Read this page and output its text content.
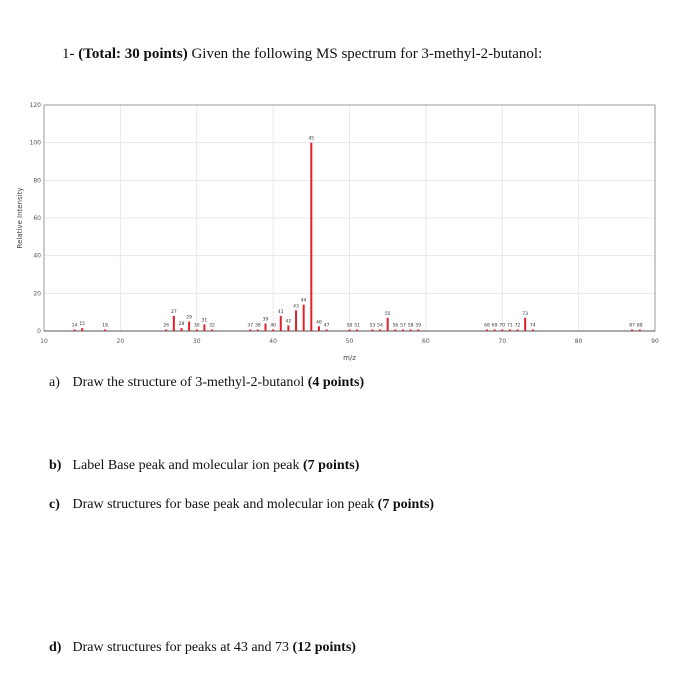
1- (Total: 30 points) Given the following MS spectrum for 3-methyl-2-butanol:
0
20
40
60
80
100
120
10	20	30	40	50	60	70	80	90
14 15	18	26
27
28
29
30
31
32	37 38
39
40
41
42
43
44
45
46
47	50 51 53 54
55
56 57 58 59	68 69 70 71 72
73
74	87 88
m/z
Relative Intensity
a) Draw the structure of 3-methyl-2-butanol (4 points)
b) Label Base peak and molecular ion peak (7 points)
c) Draw structures for base peak and molecular ion peak (7 points)
d) Draw structures for peaks at 43 and 73 (12 points)
